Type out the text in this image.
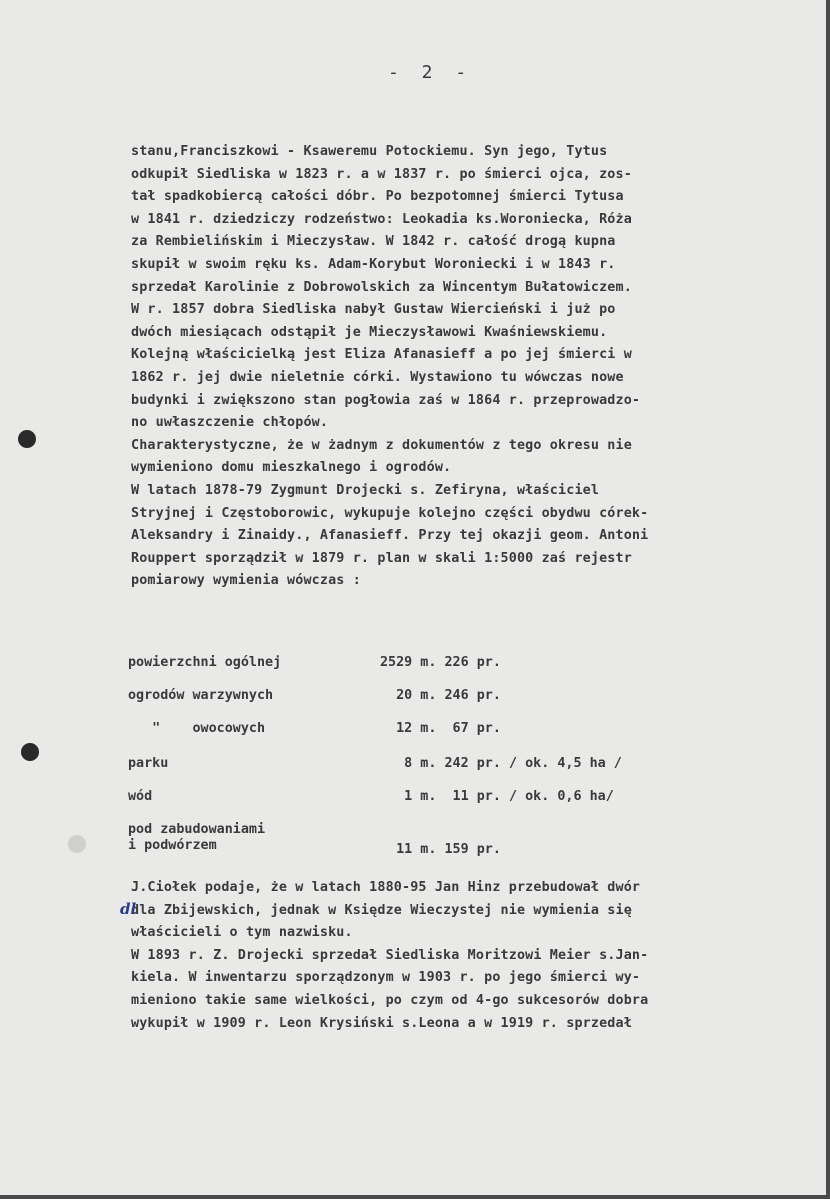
- 2 -
stanu,Franciszkowi - Ksaweremu Potockiemu. Syn jego, Tytus
odkupił Siedliska w 1823 r. a w 1837 r. po śmierci ojca, zos-
tał spadkobiercą całości dóbr. Po bezpotomnej śmierci Tytusa
w 1841 r. dziedziczy rodzeństwo: Leokadia ks.Woroniecka, Róża
za Rembielińskim i Mieczysław. W 1842 r. całość drogą kupna
skupił w swoim ręku ks. Adam-Korybut Woroniecki i w 1843 r.
sprzedał Karolinie z Dobrowolskich za Wincentym Bułatowiczem.
W r. 1857 dobra Siedliska nabył Gustaw Wiercieński i już po
dwóch miesiącach odstąpił je Mieczysławowi Kwaśniewskiemu.
Kolejną właścicielką jest Eliza Afanasieff a po jej śmierci w
1862 r. jej dwie nieletnie córki. Wystawiono tu wówczas nowe
budynki i zwiększono stan pogłowia zaś w 1864 r. przeprowadzo-
no uwłaszczenie chłopów.
Charakterystyczne, że w żadnym z dokumentów z tego okresu nie
wymieniono domu mieszkalnego i ogrodów.
W latach 1878-79 Zygmunt Drojecki s. Zefiryna, właściciel
Stryjnej i Częstoborowic, wykupuje kolejno części obydwu córek-
Aleksandry i Zinaidy., Afanasieff. Przy tej okazji geom. Antoni
Rouppert sporządził w 1879 r. plan w skali 1:5000 zaś rejestr
pomiarowy wymienia wówczas :
powierzchni ogólnej	2529 m. 226 pr.
ogrodów warzywnych	20 m. 246 pr.
"    owocowych	12 m.  67 pr.
parku	8 m. 242 pr. / ok. 4,5 ha /
wód	1 m.  11 pr. / ok. 0,6 ha/
pod zabudowaniami
i podwórzem	11 m. 159 pr.
J.Ciołek podaje, że w latach 1880-95 Jan Hinz przebudował dwór
dla Zbijewskich, jednak w Księdze Wieczystej nie wymienia się
właścicieli o tym nazwisku.
W 1893 r. Z. Drojecki sprzedał Siedliska Moritzowi Meier s.Jan-
kiela. W inwentarzu sporządzonym w 1903 r. po jego śmierci wy-
mieniono takie same wielkości, po czym od 4-go sukcesorów dobra
wykupił w 1909 r. Leon Krysiński s.Leona a w 1919 r. sprzedał
dl
